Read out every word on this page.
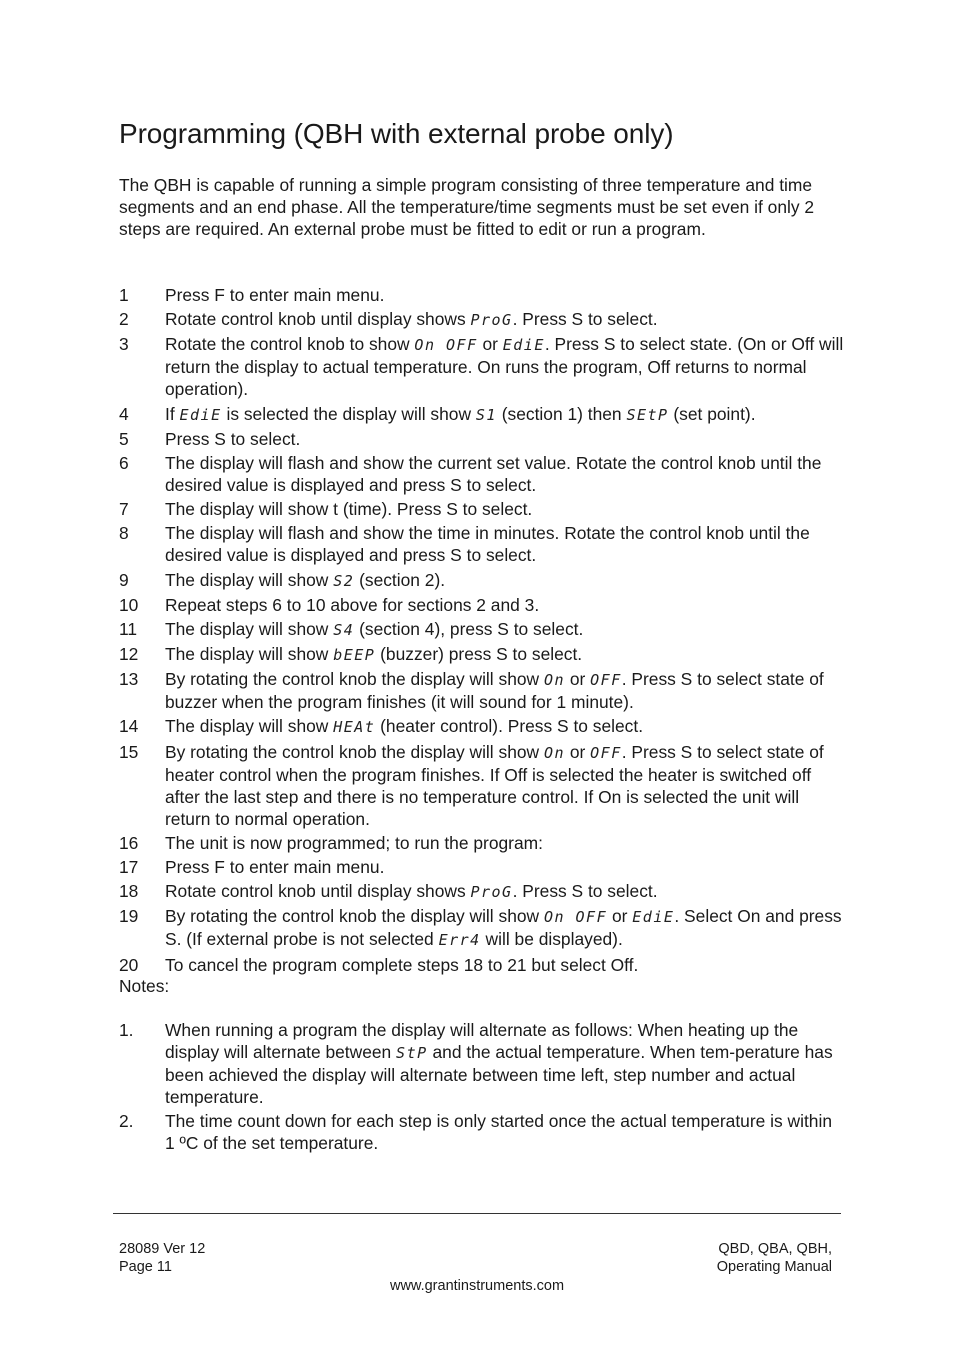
Programming (QBH with external probe only)

The QBH is capable of running a simple program consisting of three temperature and time segments and an end phase. All the temperature/time segments must be set even if only 2 steps are required. An external probe must be fitted to edit or run a program.

1 Press F to enter main menu.
2 Rotate control knob until display shows ProG. Press S to select.
3 Rotate the control knob to show On OFF or EdiE. Press S to select state. (On or Off will return the display to actual temperature. On runs the program, Off returns to normal operation).
4 If EdiE is selected the display will show S1 (section 1) then SEtP (set point).
5 Press S to select.
6 The display will flash and show the current set value. Rotate the control knob until the desired value is displayed and press S to select.
7 The display will show t (time). Press S to select.
8 The display will flash and show the time in minutes. Rotate the control knob until the desired value is displayed and press S to select.
9 The display will show S2 (section 2).
10 Repeat steps 6 to 10 above for sections 2 and 3.
11 The display will show S4 (section 4), press S to select.
12 The display will show bEEP (buzzer) press S to select.
13 By rotating the control knob the display will show On or OFF. Press S to select state of buzzer when the program finishes (it will sound for 1 minute).
14 The display will show HEAt (heater control). Press S to select.
15 By rotating the control knob the display will show On or OFF. Press S to select state of heater control when the program finishes. If Off is selected the heater is switched off after the last step and there is no temperature control. If On is selected the unit will return to normal operation.
16 The unit is now programmed; to run the program:
17 Press F to enter main menu.
18 Rotate control knob until display shows ProG. Press S to select.
19 By rotating the control knob the display will show On OFF or EdiE. Select On and press S. (If external probe is not selected Err4 will be displayed).
20 To cancel the program complete steps 18 to 21 but select Off.

Notes:

1. When running a program the display will alternate as follows: When heating up the display will alternate between StP and the actual temperature. When tem-perature has been achieved the display will alternate between time left, step number and actual temperature.
2. The time count down for each step is only started once the actual temperature is within 1 ºC of the set temperature.
28089 Ver 12
Page 11
QBD, QBA, QBH,
Operating Manual
www.grantinstruments.com
